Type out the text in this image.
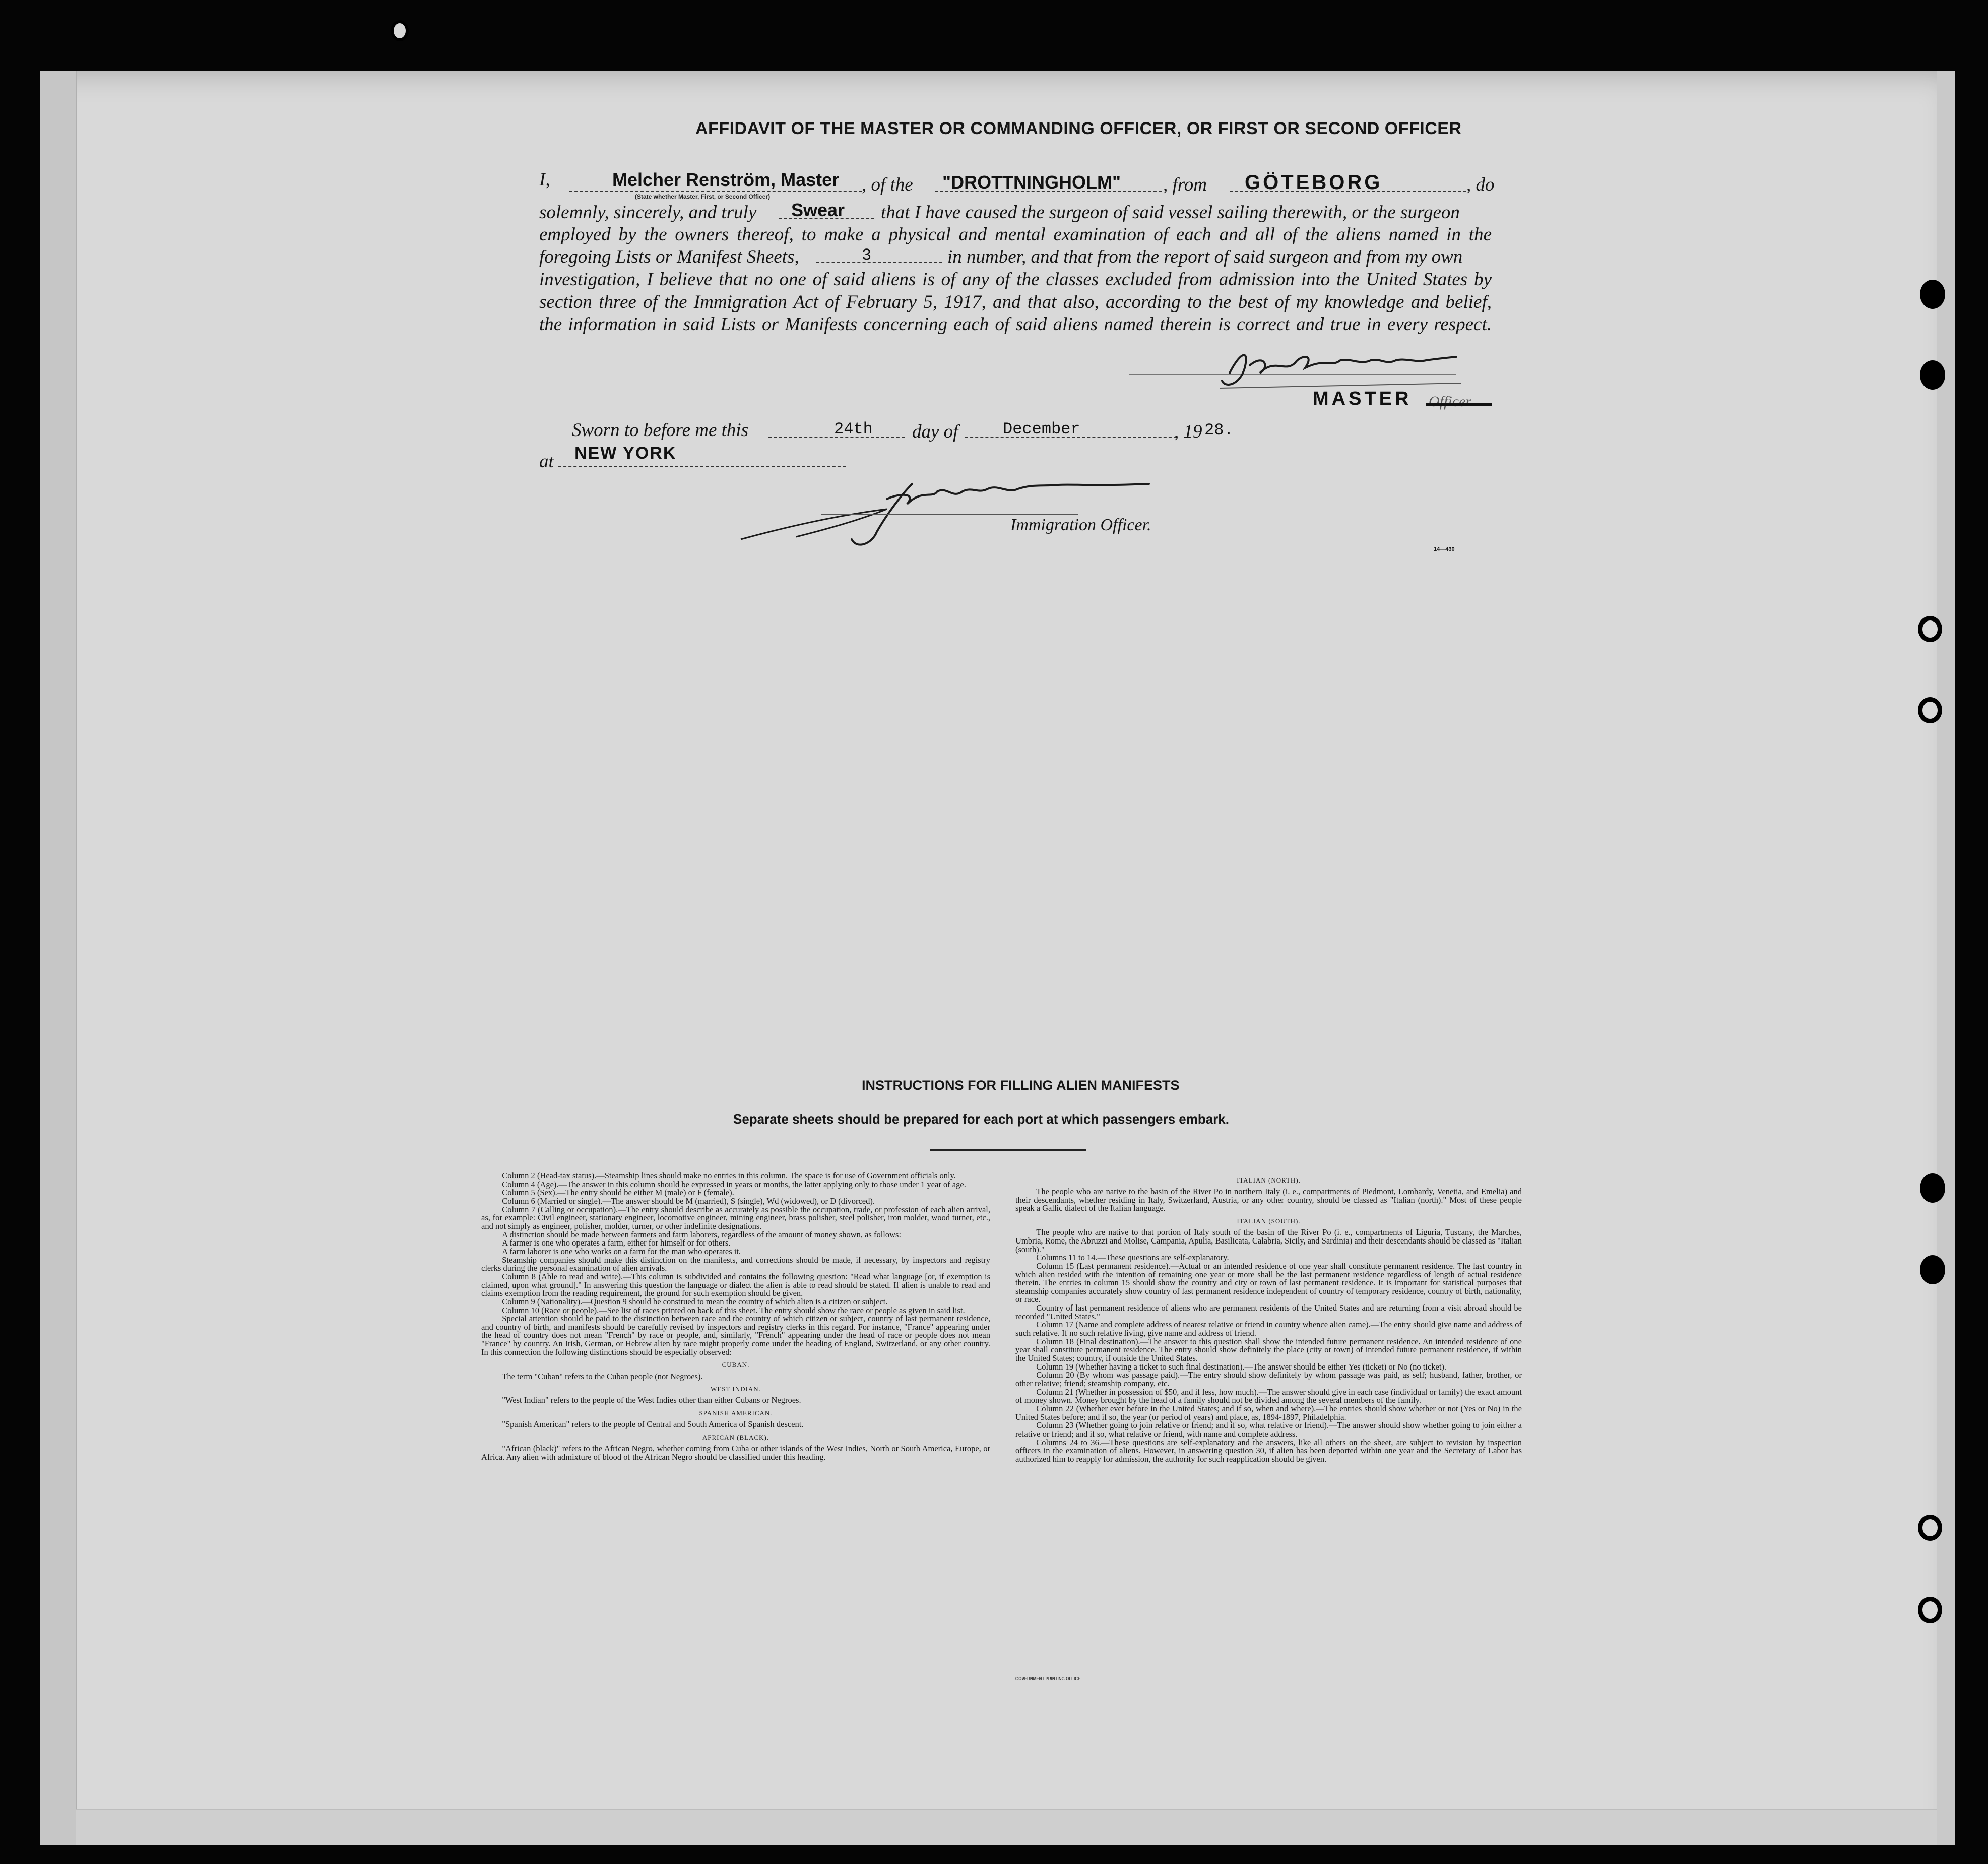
AFFIDAVIT OF THE MASTER OR COMMANDING OFFICER, OR FIRST OR SECOND OFFICER
I,	Melcher Renström, Master
(State whether Master, First, or Second Officer)
, of the "DROTTNINGHOLM" , from GÖTEBORG	, do
solemnly, sincerely, and truly Swear that I have caused the surgeon of said vessel sailing therewith, or the surgeon
employed by the owners thereof, to make a physical and mental examination of each and all of the aliens named in the
foregoing Lists or Manifest Sheets,	3	in number, and that from the report of said surgeon and from my own
investigation, I believe that no one of said aliens is of any of the classes excluded from admission into the United States by
section three of the Immigration Act of February 5, 1917, and that also, according to the best of my knowledge and belief,
the information in said Lists or Manifests concerning each of said aliens named therein is correct and true in every respect.
MASTER Officer
Sworn to before me this	24th day of	December	, 19 28.
at NEW YORK
Immigration Officer.
14—430
INSTRUCTIONS FOR FILLING ALIEN MANIFESTS
Separate sheets should be prepared for each port at which passengers embark.

Column 2 (Head-tax status).—Steamship lines should make no entries in this column. The space is for use of Government officials only.

Column 4 (Age).—The answer in this column should be expressed in years or months, the latter applying only to those under 1 year of age.

Column 5 (Sex).—The entry should be either M (male) or F (female).

Column 6 (Married or single).—The answer should be M (married), S (single), Wd (widowed), or D (divorced).

Column 7 (Calling or occupation).—The entry should describe as accurately as possible the occupation, trade, or profession of each alien arrival, as, for example: Civil engineer, stationary engineer, locomotive engineer, mining engineer, brass polisher, steel polisher, iron molder, wood turner, etc., and not simply as engineer, polisher, molder, turner, or other indefinite designations.

A distinction should be made between farmers and farm laborers, regardless of the amount of money shown, as follows:

A farmer is one who operates a farm, either for himself or for others.

A farm laborer is one who works on a farm for the man who operates it.

Steamship companies should make this distinction on the manifests, and corrections should be made, if necessary, by inspectors and registry clerks during the personal examination of alien arrivals.

Column 8 (Able to read and write).—This column is subdivided and contains the following question: "Read what language [or, if exemption is claimed, upon what ground]." In answering this question the language or dialect the alien is able to read should be stated. If alien is unable to read and claims exemption from the reading requirement, the ground for such exemption should be given.

Column 9 (Nationality).—Question 9 should be construed to mean the country of which alien is a citizen or subject.

Column 10 (Race or people).—See list of races printed on back of this sheet. The entry should show the race or people as given in said list.

Special attention should be paid to the distinction between race and the country of which citizen or subject, country of last permanent residence, and country of birth, and manifests should be carefully revised by inspectors and registry clerks in this regard. For instance, "France" appearing under the head of country does not mean "French" by race or people, and, similarly, "French" appearing under the head of race or people does not mean "France" by country. An Irish, German, or Hebrew alien by race might properly come under the heading of England, Switzerland, or any other country. In this connection the following distinctions should be especially observed:

CUBAN.

The term "Cuban" refers to the Cuban people (not Negroes).

WEST INDIAN.

"West Indian" refers to the people of the West Indies other than either Cubans or Negroes.

SPANISH AMERICAN.

"Spanish American" refers to the people of Central and South America of Spanish descent.

AFRICAN (BLACK).

"African (black)" refers to the African Negro, whether coming from Cuba or other islands of the West Indies, North or South America, Europe, or Africa. Any alien with admixture of blood of the African Negro should be classified under this heading.

ITALIAN (NORTH).

The people who are native to the basin of the River Po in northern Italy (i. e., compartments of Piedmont, Lombardy, Venetia, and Emelia) and their descendants, whether residing in Italy, Switzerland, Austria, or any other country, should be classed as "Italian (north)." Most of these people speak a Gallic dialect of the Italian language.

ITALIAN (SOUTH).

The people who are native to that portion of Italy south of the basin of the River Po (i. e., compartments of Liguria, Tuscany, the Marches, Umbria, Rome, the Abruzzi and Molise, Campania, Apulia, Basilicata, Calabria, Sicily, and Sardinia) and their descendants should be classed as "Italian (south)."

Columns 11 to 14.—These questions are self-explanatory.

Column 15 (Last permanent residence).—Actual or an intended residence of one year shall constitute permanent residence. The last country in which alien resided with the intention of remaining one year or more shall be the last permanent residence regardless of length of actual residence therein. The entries in column 15 should show the country and city or town of last permanent residence. It is important for statistical purposes that steamship companies accurately show country of last permanent residence independent of country of temporary residence, country of birth, nationality, or race.

Country of last permanent residence of aliens who are permanent residents of the United States and are returning from a visit abroad should be recorded "United States."

Column 17 (Name and complete address of nearest relative or friend in country whence alien came).—The entry should give name and address of such relative. If no such relative living, give name and address of friend.

Column 18 (Final destination).—The answer to this question shall show the intended future permanent residence. An intended residence of one year shall constitute permanent residence. The entry should show definitely the place (city or town) of intended future permanent residence, if within the United States; country, if outside the United States.

Column 19 (Whether having a ticket to such final destination).—The answer should be either Yes (ticket) or No (no ticket).

Column 20 (By whom was passage paid).—The entry should show definitely by whom passage was paid, as self; husband, father, brother, or other relative; friend; steamship company, etc.

Column 21 (Whether in possession of $50, and if less, how much).—The answer should give in each case (individual or family) the exact amount of money shown. Money brought by the head of a family should not be divided among the several members of the family.

Column 22 (Whether ever before in the United States; and if so, when and where).—The entries should show whether or not (Yes or No) in the United States before; and if so, the year (or period of years) and place, as, 1894-1897, Philadelphia.

Column 23 (Whether going to join relative or friend; and if so, what relative or friend).—The answer should show whether going to join either a relative or friend; and if so, what relative or friend, with name and complete address.

Columns 24 to 36.—These questions are self-explanatory and the answers, like all others on the sheet, are subject to revision by inspection officers in the examination of aliens. However, in answering question 30, if alien has been deported within one year and the Secretary of Labor has authorized him to reapply for admission, the authority for such reapplication should be given.

GOVERNMENT PRINTING OFFICE
